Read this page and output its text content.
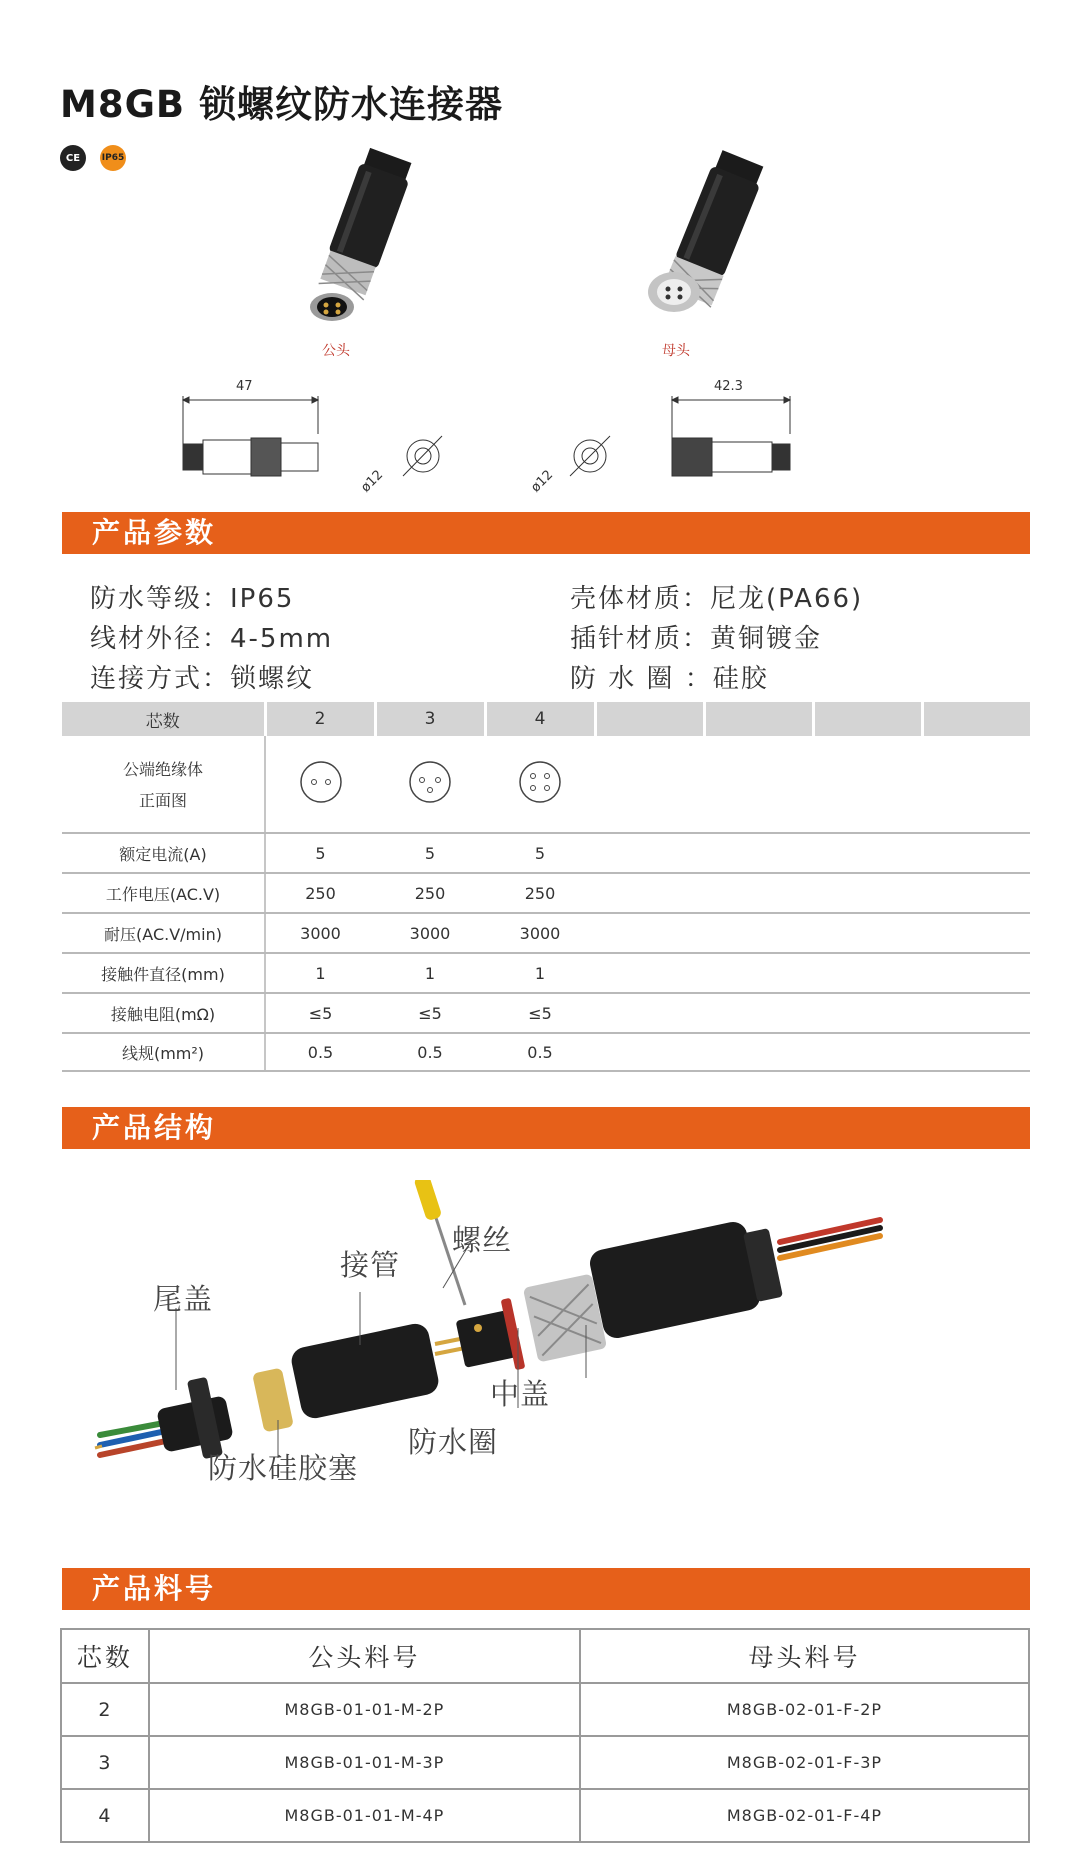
M8GB 锁螺纹防水连接器
CE	IP65
公头	母头
47
ø12
42.3
ø12
产品参数
防水等级：IP65	壳体材质：尼龙(PA66)
线材外径：4-5mm	插针材质：黄铜镀金
连接方式：锁螺纹	防 水 圈 ：硅胶
芯数	2	3	4				

公端绝缘体
正面图

额定电流(A)	5	5	5				
工作电压(AC.V)	250	250	250				
耐压(AC.V/min)	3000	3000	3000				
接触件直径(mm)	1	1	1				
接触电阻(mΩ)	≤5	≤5	≤5				
线规(mm²)	0.5	0.5	0.5				
产品结构
尾盖
接管
螺丝
中盖
防水圈
防水硅胶塞
产品料号
芯数	公头料号	母头料号
2	M8GB-01-01-M-2P	M8GB-02-01-F-2P
3	M8GB-01-01-M-3P	M8GB-02-01-F-3P
4	M8GB-01-01-M-4P	M8GB-02-01-F-4P
